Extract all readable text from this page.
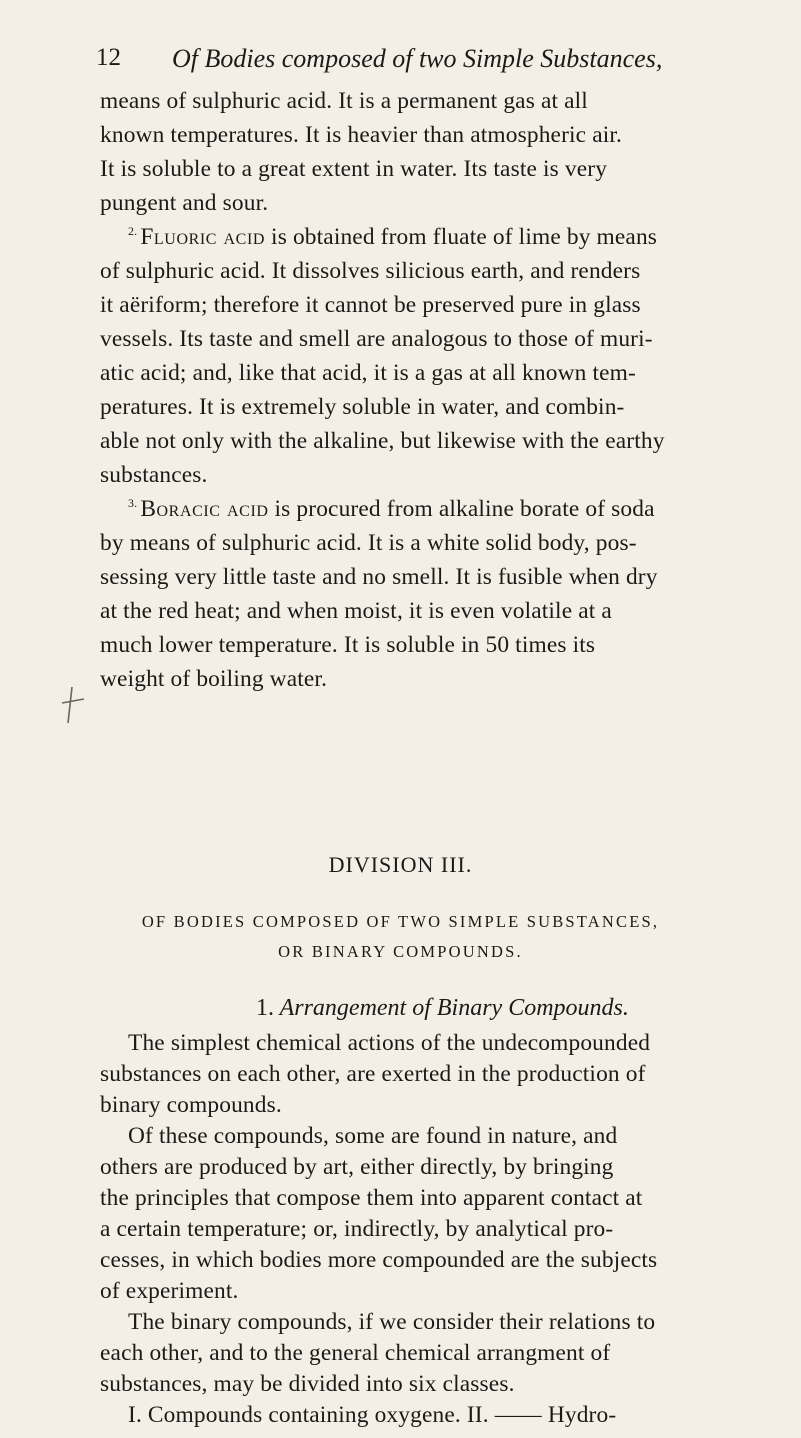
12 Of Bodies composed of two Simple Substances,
means of sulphuric acid. It is a permanent gas at all
known temperatures. It is heavier than atmospheric air.
It is soluble to a great extent in water. Its taste is very
pungent and sour.
$^{2.}$ Fluoric acid is obtained from fluate of lime by means
of sulphuric acid. It dissolves silicious earth, and renders
it aëriform; therefore it cannot be preserved pure in glass
vessels. Its taste and smell are analogous to those of muri-
atic acid; and, like that acid, it is a gas at all known tem-
peratures. It is extremely soluble in water, and combin-
able not only with the alkaline, but likewise with the earthy
substances.
$^{3.}$ Boracic acid is procured from alkaline borate of soda
by means of sulphuric acid. It is a white solid body, pos-
sessing very little taste and no smell. It is fusible when dry
at the red heat; and when moist, it is even volatile at a
much lower temperature. It is soluble in 50 times its
weight of boiling water.
DIVISION III.
OF BODIES COMPOSED OF TWO SIMPLE SUBSTANCES,
OR BINARY COMPOUNDS.
1. Arrangement of Binary Compounds.
The simplest chemical actions of the undecompounded
substances on each other, are exerted in the production of
binary compounds.
Of these compounds, some are found in nature, and
others are produced by art, either directly, by bringing
the principles that compose them into apparent contact at
a certain temperature; or, indirectly, by analytical pro-
cesses, in which bodies more compounded are the subjects
of experiment.
The binary compounds, if we consider their relations to
each other, and to the general chemical arrangment of
substances, may be divided into six classes.
I. Compounds containing oxygene. II. —— Hydro-
